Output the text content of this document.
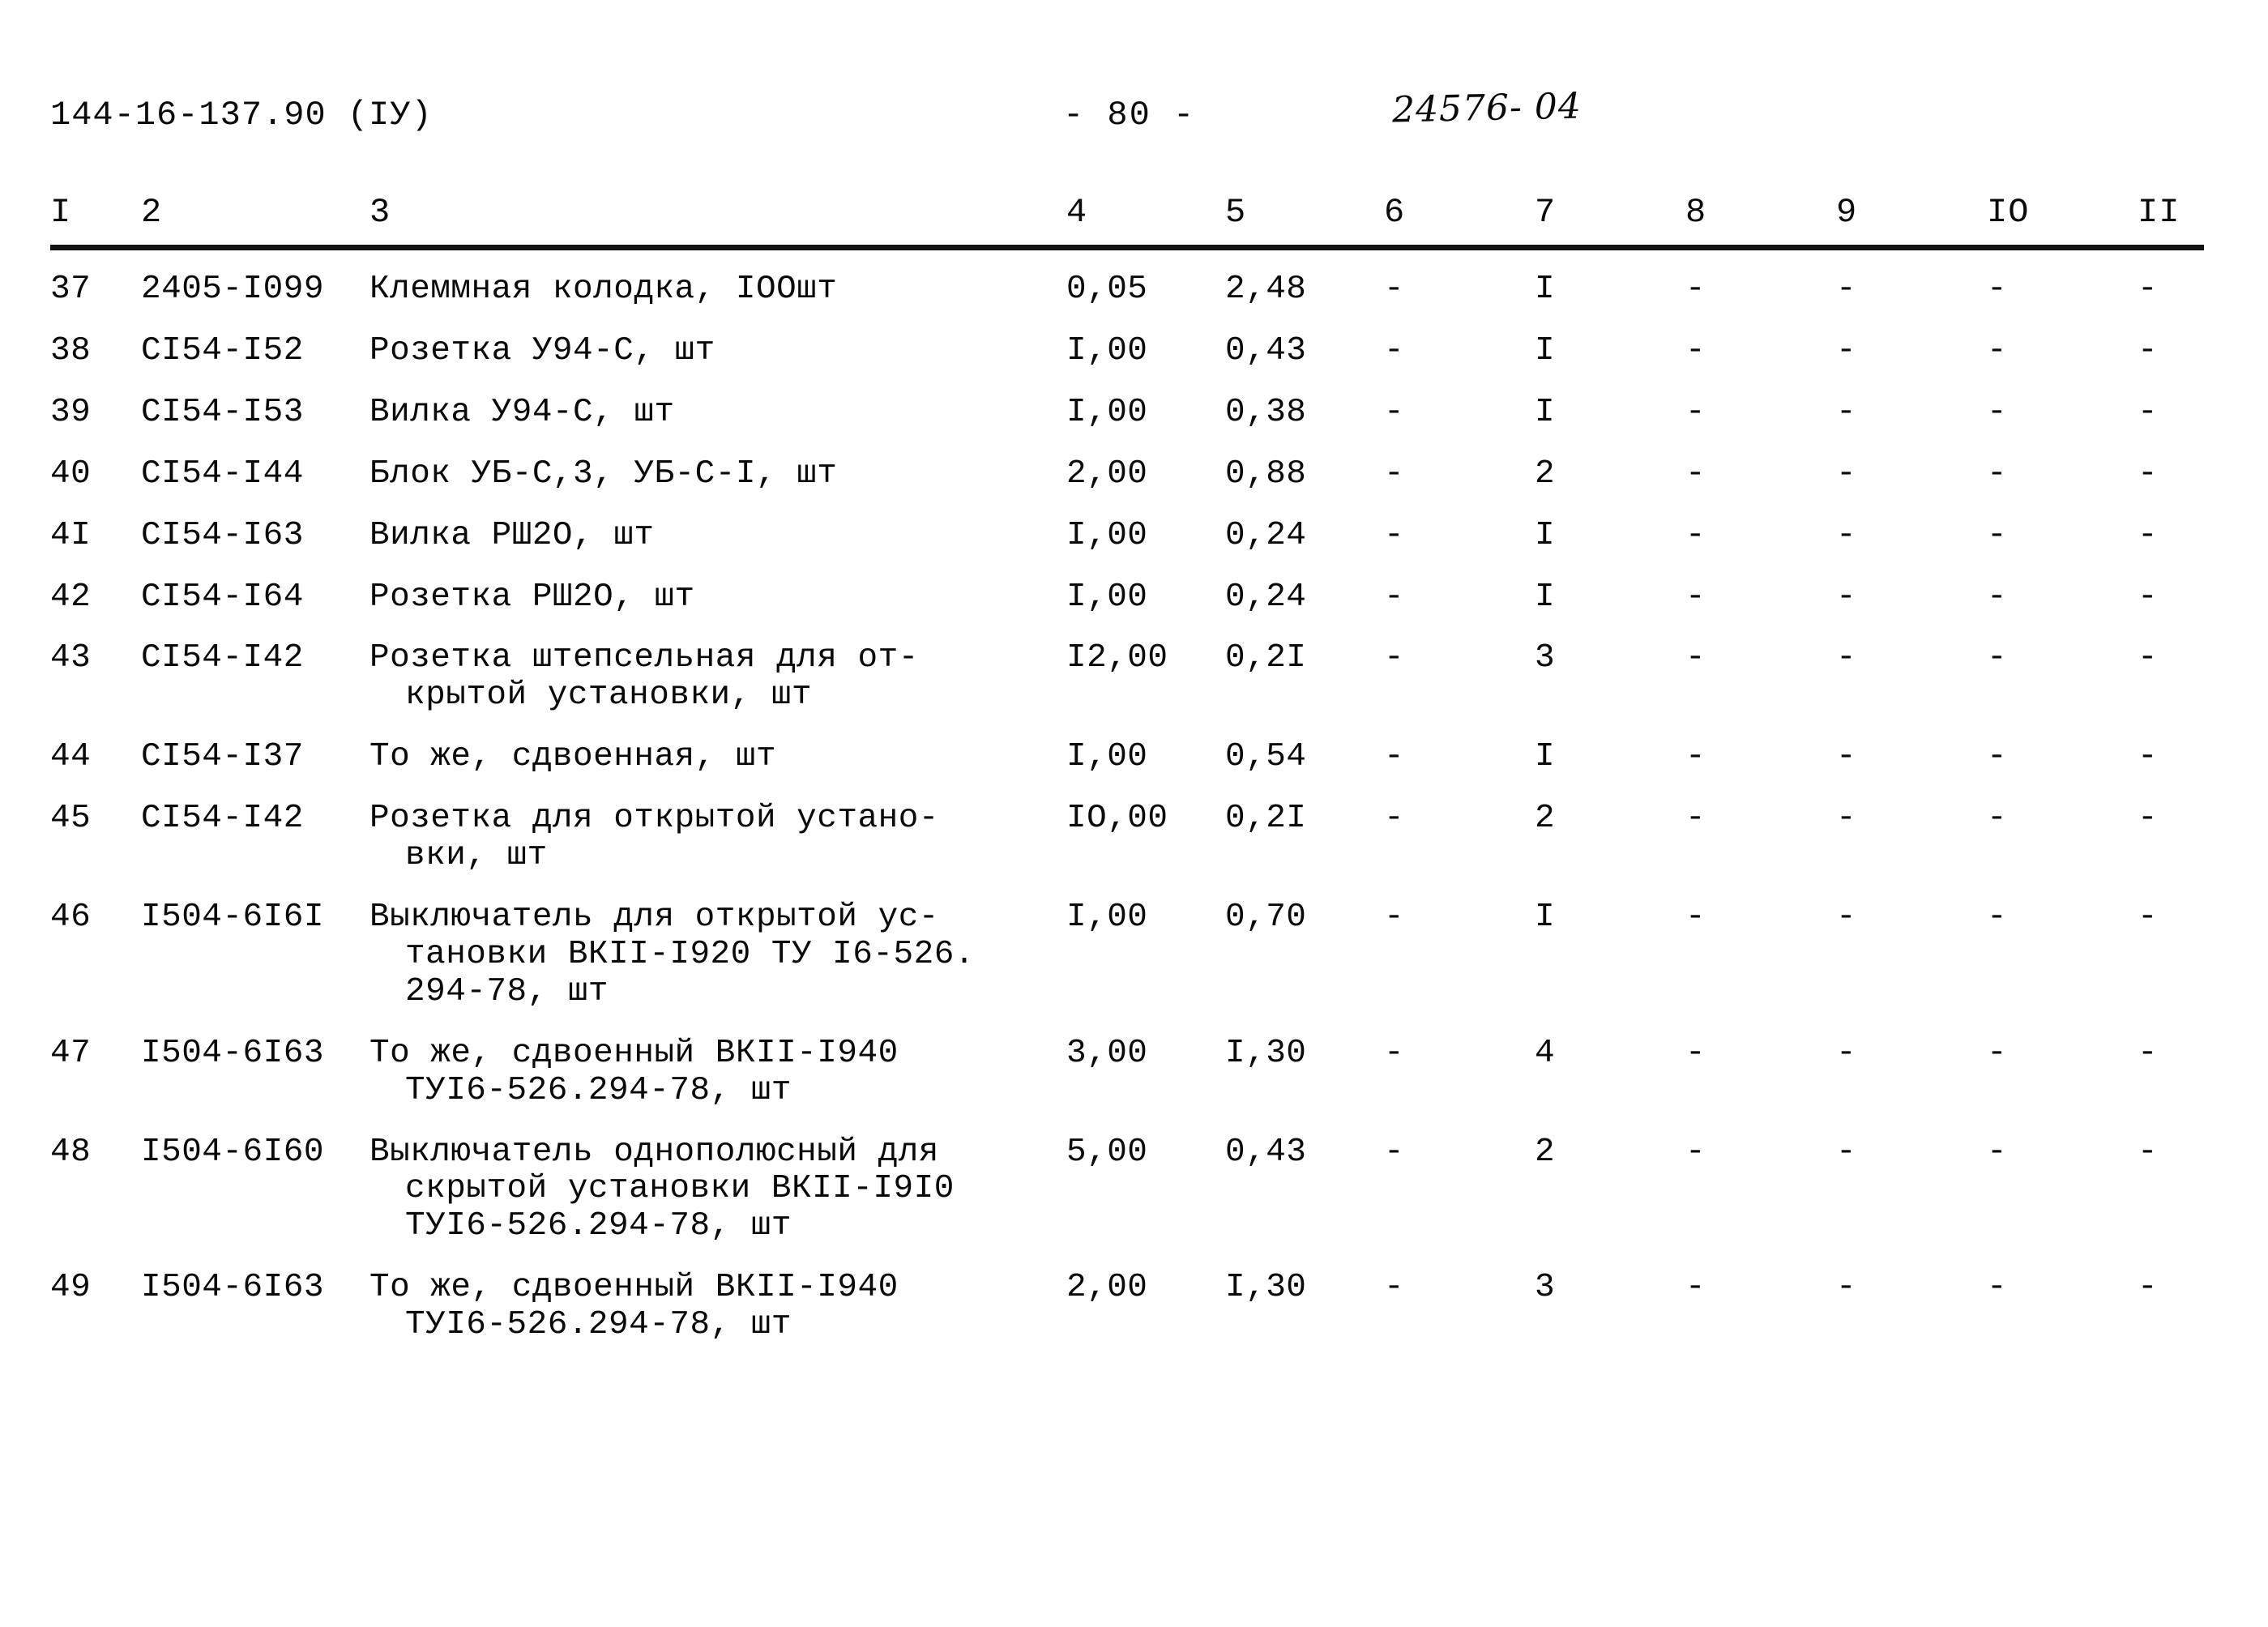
144-16-137.90 (IУ)	- 80 -	24576- 04
I	2	3	4	5	6	7	8	9	IO	II

37	2405-I099	Клеммная колодка, IООшт	0,05	2,48	-	I	-	-	-	-
38	CI54-I52	Розетка У94-С, шт	I,00	0,43	-	I	-	-	-	-
39	CI54-I53	Вилка У94-С, шт	I,00	0,38	-	I	-	-	-	-
40	CI54-I44	Блок УБ-С,3, УБ-С-I, шт	2,00	0,88	-	2	-	-	-	-
4I	CI54-I63	Вилка РШ2О, шт	I,00	0,24	-	I	-	-	-	-
42	CI54-I64	Розетка РШ2О, шт	I,00	0,24	-	I	-	-	-	-
43	CI54-I42	Розетка штепсельная для от-
крытой установки, шт	I2,00	0,2I	-	3	-	-	-	-
44	CI54-I37	То же, сдвоенная, шт	I,00	0,54	-	I	-	-	-	-
45	CI54-I42	Розетка для открытой устано-
вки, шт	IO,00	0,2I	-	2	-	-	-	-
46	I504-6I6I	Выключатель для открытой ус-
тановки ВКII-I920 ТУ I6-526.
294-78, шт	I,00	0,70	-	I	-	-	-	-
47	I504-6I63	То же, сдвоенный ВКII-I940
ТУI6-526.294-78, шт	3,00	I,30	-	4	-	-	-	-
48	I504-6I60	Выключатель однополюсный для
скрытой установки ВКII-I9I0
ТУI6-526.294-78, шт	5,00	0,43	-	2	-	-	-	-
49	I504-6I63	То же, сдвоенный ВКII-I940
ТУI6-526.294-78, шт	2,00	I,30	-	3	-	-	-	-
